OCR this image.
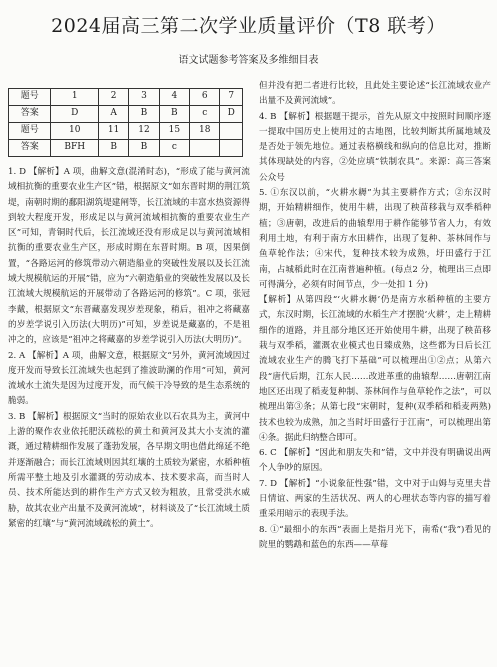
2024届高三第二次学业质量评价（T8 联考）
语文试题参考答案及多维细目表
题号	1	2	3	4	6	7
答案	D	A	B	B	c	D
题号	10	11	12	15	18	
答案	BFH	B	B	c		

1. D 【解析】A 项，曲解文意(混淆时态)，“形成了能与黄河流域相抗衡的重要农业生产区”错，根据原文“如东晋时期的荆江筑堤，南朝时期的鄱阳湖筑堤建闸等，长江流域的丰富水热资源得到较大程度开发，形成足以与黄河流域相抗衡的重要农业生产区”可知，青铜时代后，长江流域还没有形成足以与黄河流域相抗衡的重要农业生产区，形成时期在东晋时期。B 项，因果倒置，“各路运河的修筑带动六朝造船业的突破性发展以及长江流域大规模航运的开展”错，应为“六朝造船业的突破性发展以及长江流域大规模航运的开展带动了各路运河的修筑”。C 项，张冠李戴，根据原文“东晋藏嘉发现岁差现象，稍后，祖冲之将藏嘉的岁差学说引入历法(大明历)”可知，岁差说是藏嘉的，不是祖冲之的，应该是“祖冲之将藏嘉的岁差学说引入历法(大明历)”。

2. A 【解析】A 项，曲解文意，根据原文“另外，黄河流域因过度开发而导致长江流域失也起到了推波助澜的作用”可知，黄河流域水土流失是因为过度开发，而气候干冷导致的是生态系统的脆弱。

3. B 【解析】根据原文“当时的原始农业以石农具为主，黄河中上游的聚作农业依托肥沃疏松的黄土和黄河及其大小支流的灌溉，通过精耕细作发展了蓬勃发展，各早期文明也借此绵延不绝并逐渐融合；而长江流域则因其红壤的土质较为紧密，水稻种植所需平整土地及引水灌溉的劳动成本、技术要求高，而当时人员、技术所能达到的耕作生产方式又较为粗放，且常受洪水威胁，故其农业产出量不及黄河流域”，材料谈及了“长江流域土质紧密的红壤”与“黄河流域疏松的黄土”。

但并没有把二者进行比较，且此处主要论述“长江流域农业产出量不及黄河流域”。

4. B 【解析】根据题干提示，首先从原文中按照时间顺序逐一提取中国历史上使用过的古地图，比较判断其所属地域及是否处于领先地位。通过表格横线和纵向的信息比对，推断其体现缺处的内容，②处应填“铁制农具”。来源：高三答案公众号

5. ①东汉以前，“火耕水耨”为其主要耕作方式；②东汉时期，开始精耕细作，使用牛耕，出现了秧苗移栽与双季稻种植；③唐朝，改进后的曲辕犁用于耕作能够节省人力，有效利用土地，有利于南方水田耕作，出现了复种、茶林间作与鱼草轮作法；④宋代，复种技术较为成熟，圩田盛行于江南，占城稻此时在江南普遍种植。(每点2 分，梳理出三点即可得满分，必须有时间节点，少一处扣 1 分)

【解析】从第四段“‘火耕水耨’仍是南方水稻种植的主要方式，东汉时期，长江流域的水稻生产才摆脱‘火耕’，走上精耕细作的道路，并且部分地区还开始使用牛耕，出现了秧苗移栽与双季稻，灌溉农业模式也日臻成熟，这些都为日后长江流域农业生产的腾飞打下基础”可以梳理出①②点；从第六段“唐代后期，江东人民……改进革重的曲辕犁……唐朝江南地区还出现了稻麦复种制、茶林间作与鱼草轮作之法”，可以梳理出第③条；从第七段“宋朝时，复种(双季稻和稻麦两熟)技术也较为成熟，加之当时圩田盛行于江南”，可以梳理出第④条。据此归纳整合即可。

6. C 【解析】“因此和朋友失和”错，文中并没有明确说出两个人争吵的原因。

7. D 【解析】“小说象征性强”错，文中对于山姆与克里夫昔日情谊、两家的生活状况、两人的心理状态等内容的描写着重采用暗示的表现手法。

8. ①“最细小的东西”表面上是指月光下，南希(“我”)看见的院里的鹦鹉和蓝色的东西——草莓
